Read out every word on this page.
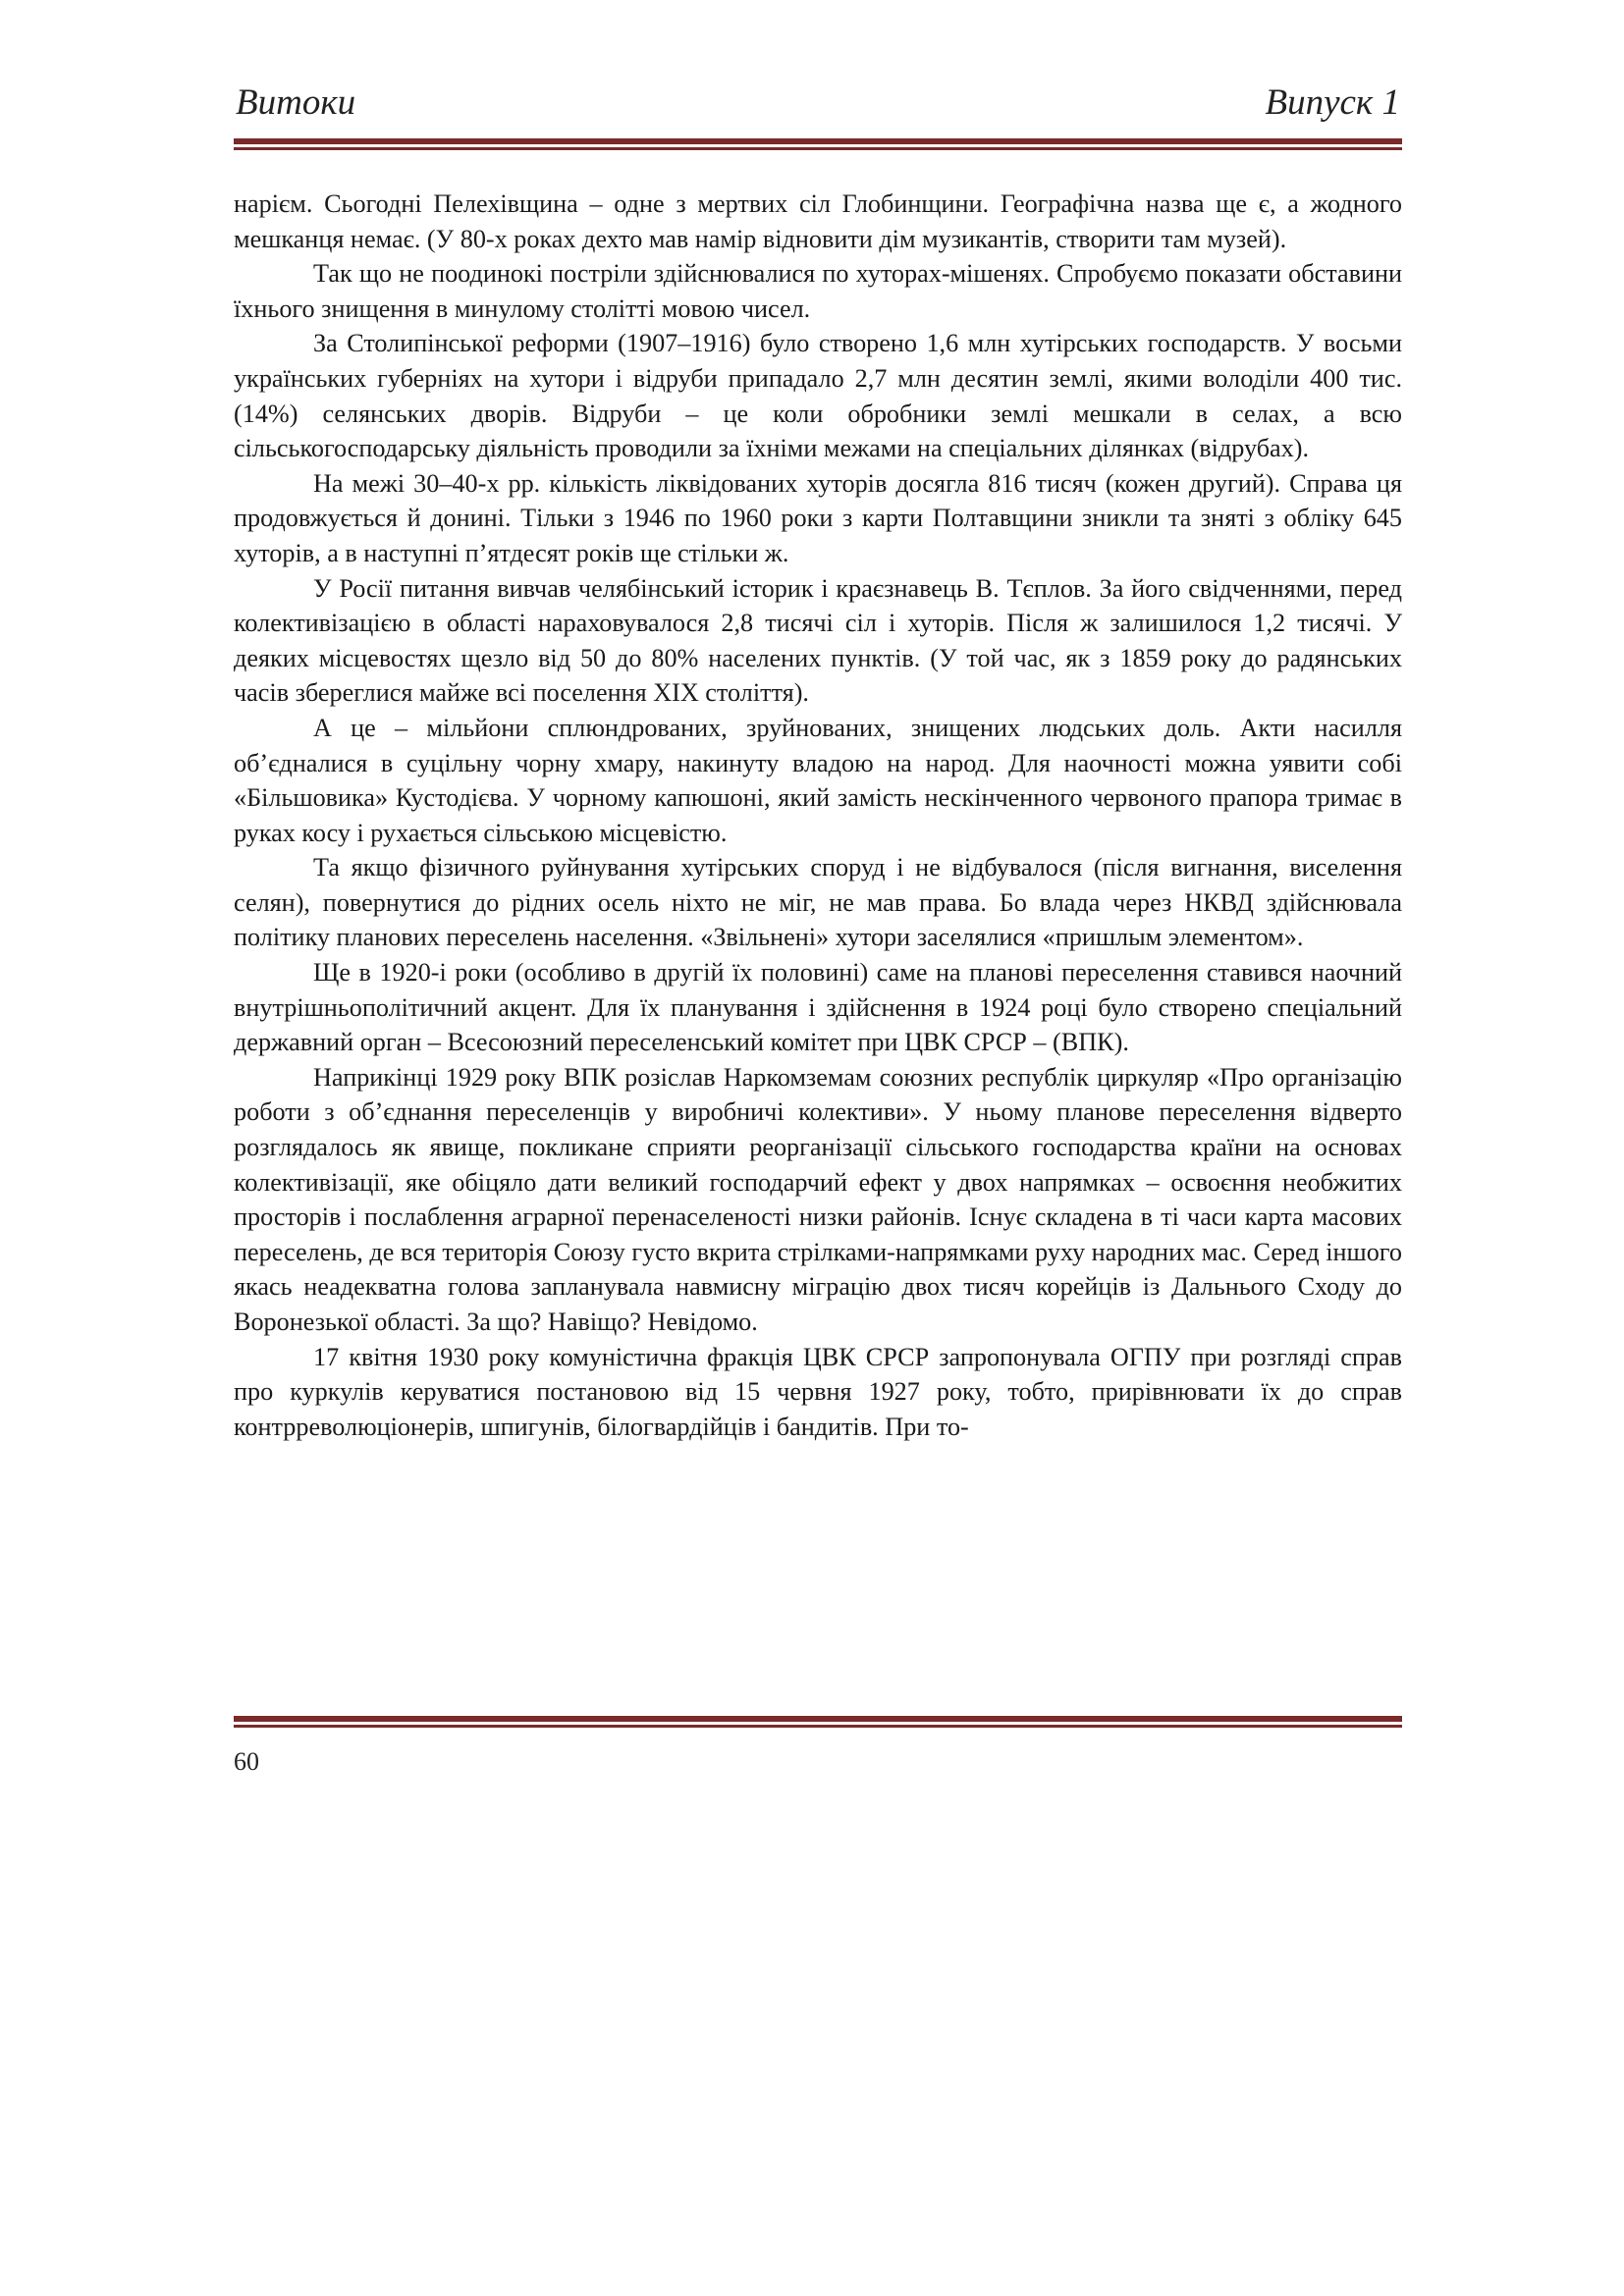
Витоки	Випуск 1

нарієм. Сьогодні Пелехівщина – одне з мертвих сіл Глобинщини. Географічна назва ще є, а жодного мешканця немає. (У 80-х роках дехто мав намір відновити дім музикантів, створити там музей).

Так що не поодинокі постріли здійснювалися по хуторах-мішенях. Спробуємо показати обставини їхнього знищення в минулому столітті мовою чисел.

За Столипінської реформи (1907–1916) було створено 1,6 млн хутірських господарств. У восьми українських губерніях на хутори і відруби припадало 2,7 млн десятин землі, якими володіли 400 тис. (14%) селянських дворів. Відруби – це коли обробники землі мешкали в селах, а всю сільськогосподарську діяльність проводили за їхніми межами на спеціальних ділянках (відрубах).

На межі 30–40-х рр. кількість ліквідованих хуторів досягла 816 тисяч (кожен другий). Справа ця продовжується й донині. Тільки з 1946 по 1960 роки з карти Полтавщини зникли та зняті з обліку 645 хуторів, а в наступні п’ятдесят років ще стільки ж.

У Росії питання вивчав челябінський історик і краєзнавець В. Тєплов. За його свідченнями, перед колективізацією в області нараховувалося 2,8 тисячі сіл і хуторів. Після ж залишилося 1,2 тисячі. У деяких місцевостях щезло від 50 до 80% населених пунктів. (У той час, як з 1859 року до радянських часів збереглися майже всі поселення XIX століття).

А це – мільйони сплюндрованих, зруйнованих, знищених людських доль. Акти насилля об’єдналися в суцільну чорну хмару, накинуту владою на народ. Для наочності можна уявити собі «Більшовика» Кустодієва. У чорному капюшоні, який замість нескінченного червоного прапора тримає в руках косу і рухається сільською місцевістю.

Та якщо фізичного руйнування хутірських споруд і не відбувалося (після вигнання, виселення селян), повернутися до рідних осель ніхто не міг, не мав права. Бо влада через НКВД здійснювала політику планових переселень населення. «Звільнені» хутори заселялися «пришлым элементом».

Ще в 1920-і роки (особливо в другій їх половині) саме на планові переселення ставився наочний внутрішньополітичний акцент. Для їх планування і здійснення в 1924 році було створено спеціальний державний орган – Всесоюзний переселенський комітет при ЦВК СРСР – (ВПК).

Наприкінці 1929 року ВПК розіслав Наркомземам союзних республік циркуляр «Про організацію роботи з об’єднання переселенців у виробничі колективи». У ньому планове переселення відверто розглядалось як явище, покликане сприяти реорганізації сільського господарства країни на основах колективізації, яке обіцяло дати великий господарчий ефект у двох напрямках – освоєння необжитих просторів і послаблення аграрної перенаселеності низки районів. Існує складена в ті часи карта масових переселень, де вся територія Союзу густо вкрита стрілками-напрямками руху народних мас. Серед іншого якась неадекватна голова запланувала навмисну міграцію двох тисяч корейців із Дальнього Сходу до Воронезької області. За що? Навіщо? Невідомо.

17 квітня 1930 року комуністична фракція ЦВК СРСР запропонувала ОГПУ при розгляді справ про куркулів керуватися постановою від 15 червня 1927 року, тобто, прирівнювати їх до справ контрреволюціонерів, шпигунів, білогвардійців і бандитів. При то-

60
